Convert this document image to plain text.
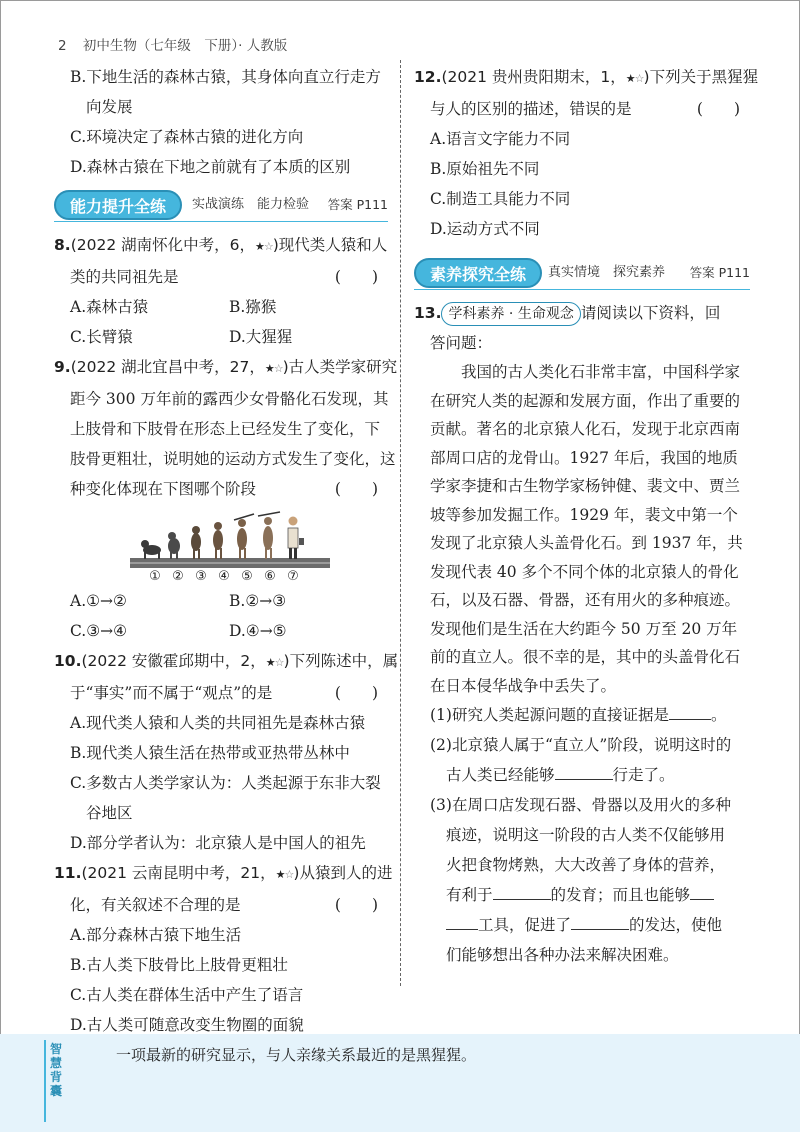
2 初中生物（七年级　下册）· 人教版
B.下地生活的森林古猿，其身体向直立行走方
向发展
C.环境决定了森林古猿的进化方向
D.森林古猿在下地之前就有了本质的区别
能力提升全练	实战演练　能力检验 答案 P111
8.(2022 湖南怀化中考，6，★☆)现代类人猿和人
类的共同祖先是	(　　)
A.森林古猿	B.猕猴
C.长臂猿	D.大猩猩
9.(2022 湖北宜昌中考，27，★☆)古人类学家研究
距今 300 万年前的露西少女骨骼化石发现，其
上肢骨和下肢骨在形态上已经发生了变化，下
肢骨更粗壮，说明她的运动方式发生了变化，这
种变化体现在下图哪个阶段	(　　)
① ② ③ ④ ⑤ ⑥ ⑦
A.①→②	B.②→③
C.③→④	D.④→⑤
10.(2022 安徽霍邱期中，2，★☆)下列陈述中，属
于“事实”而不属于“观点”的是	(　　)
A.现代类人猿和人类的共同祖先是森林古猿
B.现代类人猿生活在热带或亚热带丛林中
C.多数古人类学家认为：人类起源于东非大裂
谷地区
D.部分学者认为：北京猿人是中国人的祖先
11.(2021 云南昆明中考，21，★☆)从猿到人的进
化，有关叙述不合理的是	(　　)
A.部分森林古猿下地生活
B.古人类下肢骨比上肢骨更粗壮
C.古人类在群体生活中产生了语言
D.古人类可随意改变生物圈的面貌
12.(2021 贵州贵阳期末，1，★☆)下列关于黑猩猩
与人的区别的描述，错误的是	(　　)
A.语言文字能力不同
B.原始祖先不同
C.制造工具能力不同
D.运动方式不同
素养探究全练	真实情境　探究素养 答案 P111
13. 学科素养 · 生命观念 请阅读以下资料，回
答问题：
我国的古人类化石非常丰富，中国科学家在研究人类的起源和发展方面，作出了重要的贡献。著名的北京猿人化石，发现于北京西南部周口店的龙骨山。1927 年后，我国的地质学家李捷和古生物学家杨钟健、裴文中、贾兰坡等参加发掘工作。1929 年，裴文中第一个发现了北京猿人头盖骨化石。到 1937 年，共发现代表 40 多个不同个体的北京猿人的骨化石，以及石器、骨器，还有用火的多种痕迹。发现他们是生活在大约距今 50 万至 20 万年前的直立人。很不幸的是，其中的头盖骨化石在日本侵华战争中丢失了。
(1)研究人类起源问题的直接证据是	。
(2)北京猿人属于“直立人”阶段，说明这时的
古人类已经能够	行走了。
(3)在周口店发现石器、骨器以及用火的多种
痕迹，说明这一阶段的古人类不仅能够用
火把食物烤熟，大大改善了身体的营养，
有利于	的发育；而且也能够
工具，促进了	的发达，使他
们能够想出各种办法来解决困难。
智慧背囊
一项最新的研究显示，与人亲缘关系最近的是黑猩猩。
